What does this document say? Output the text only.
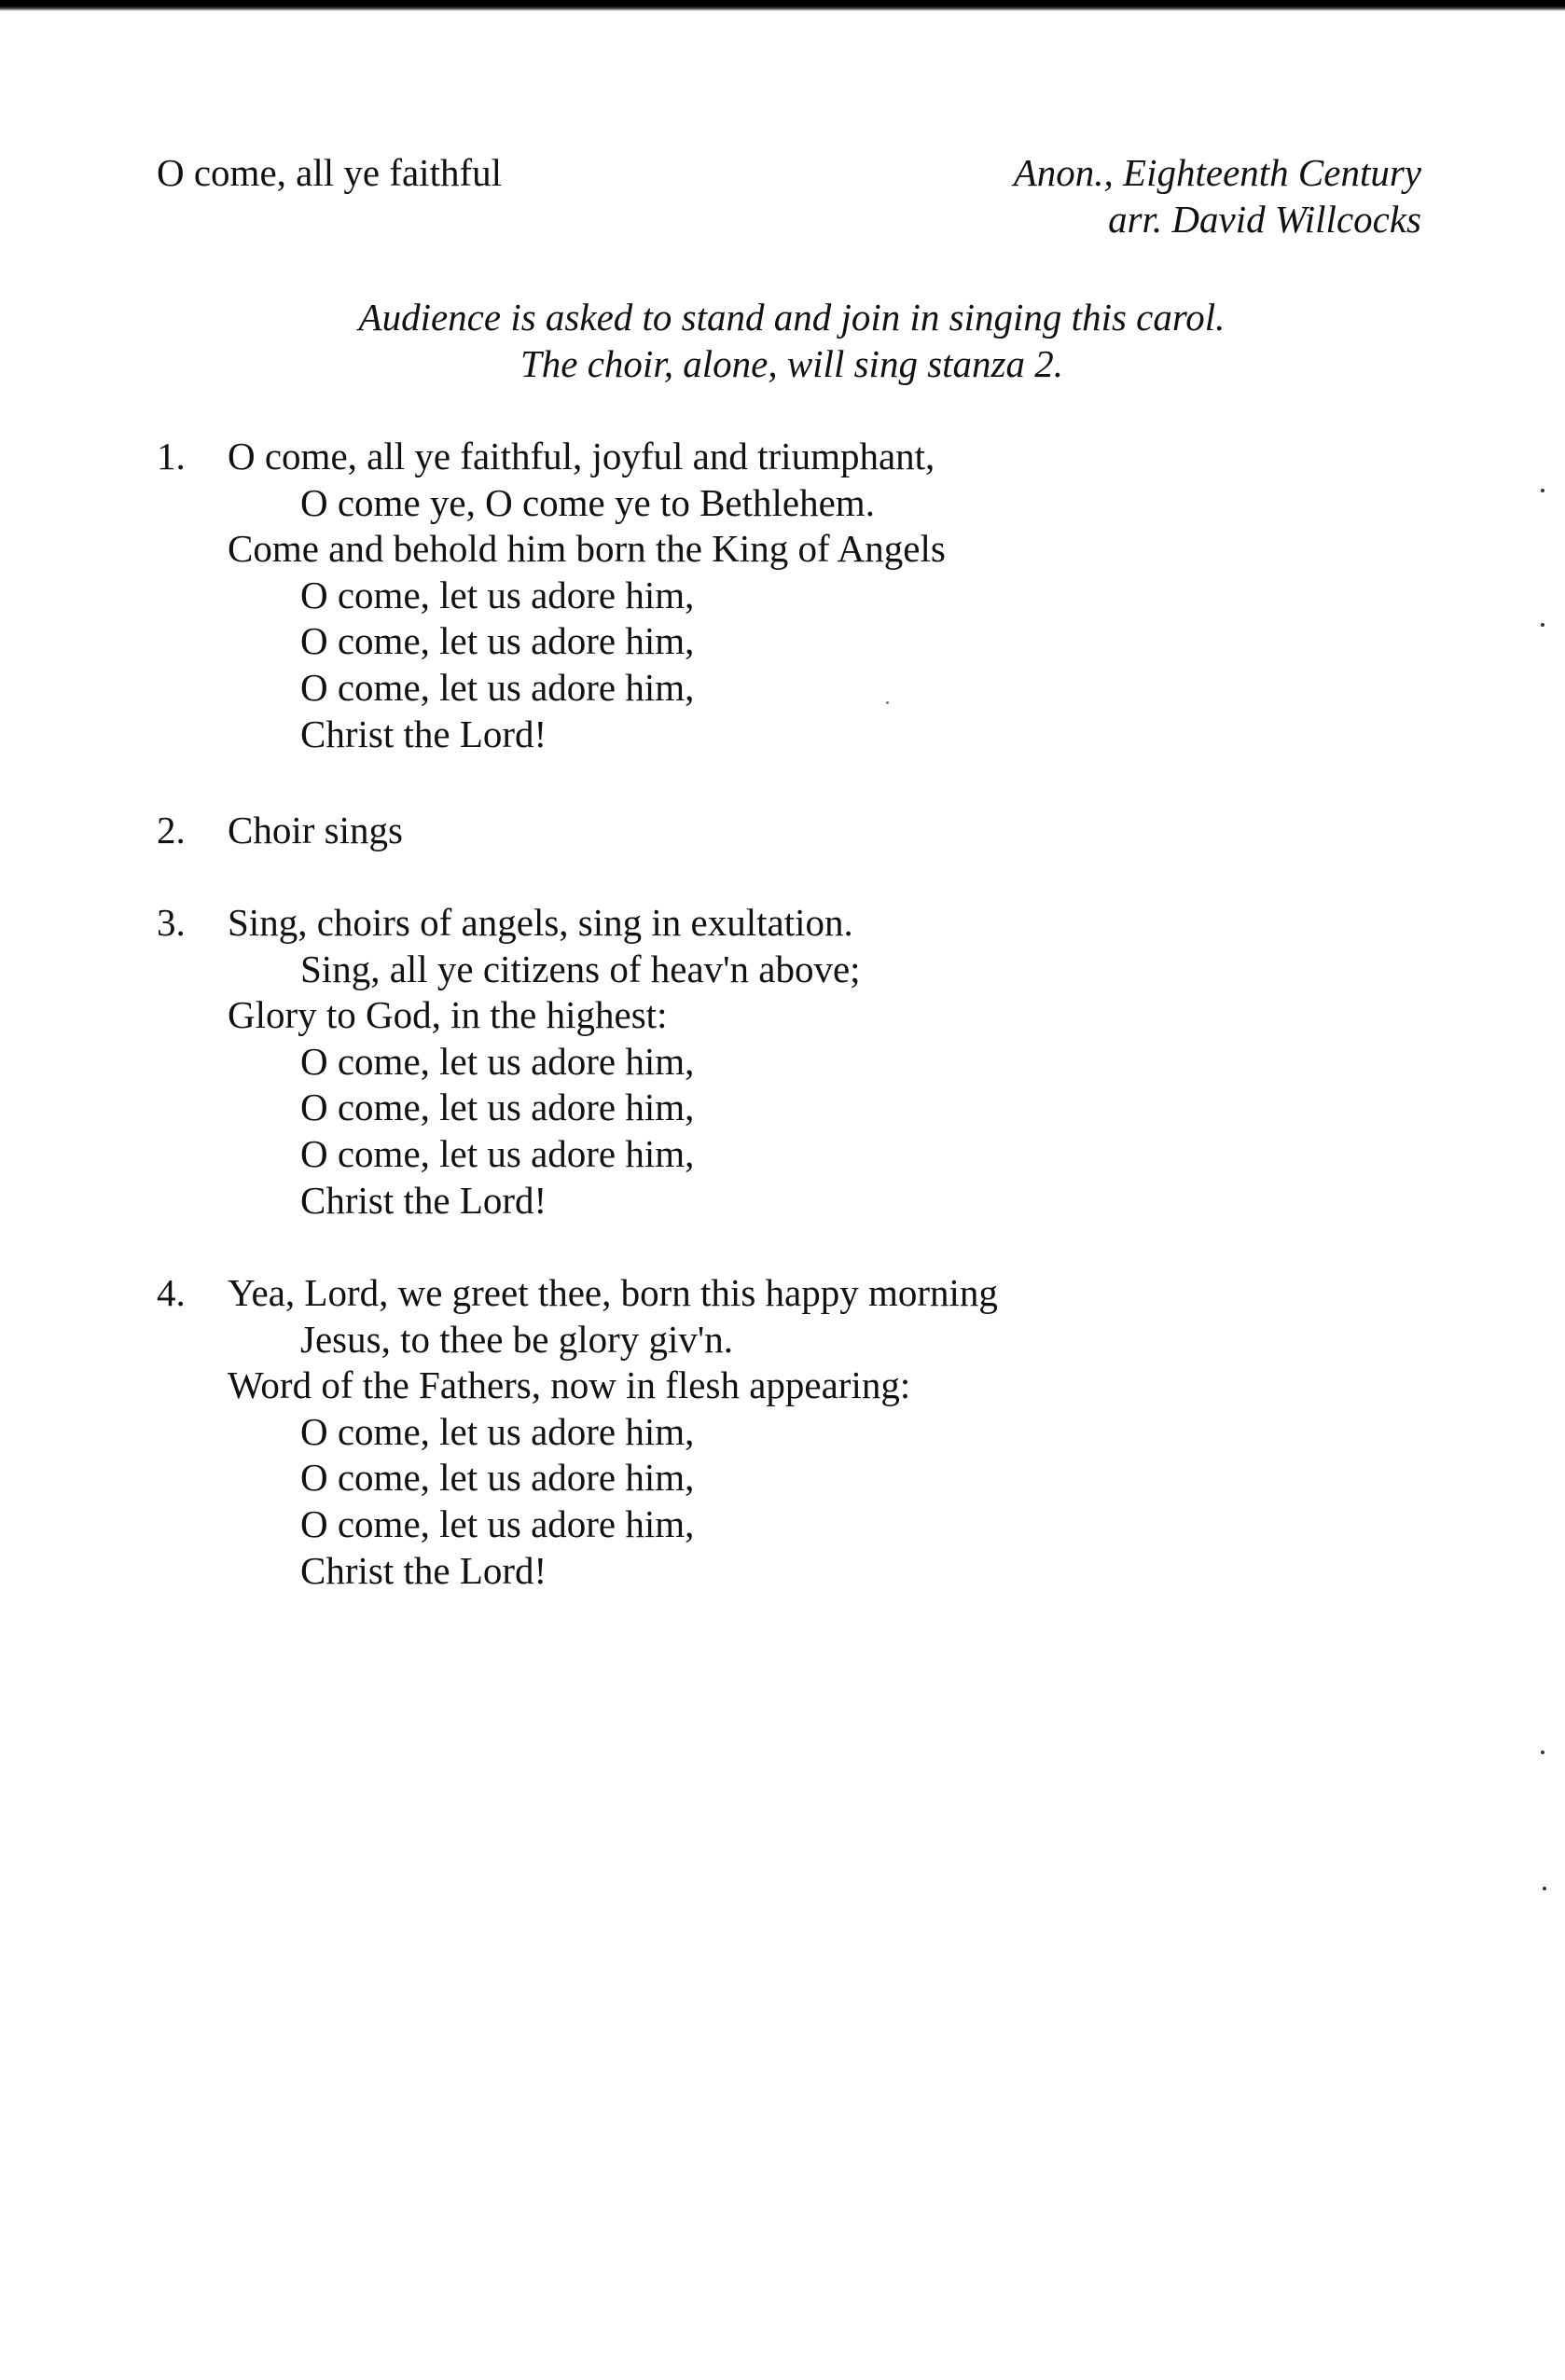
O come, all ye faithful	Anon., Eighteenth Century
arr. David Willcocks
Audience is asked to stand and join in singing this carol.
The choir, alone, will sing stanza 2.
1.	O come, all ye faithful, joyful and triumphant,
O come ye, O come ye to Bethlehem.
Come and behold him born the King of Angels
O come, let us adore him,
O come, let us adore him,
O come, let us adore him,
Christ the Lord!
2.	Choir sings
3.	Sing, choirs of angels, sing in exultation.
Sing, all ye citizens of heav'n above;
Glory to God, in the highest:
O come, let us adore him,
O come, let us adore him,
O come, let us adore him,
Christ the Lord!
4.	Yea, Lord, we greet thee, born this happy morning
Jesus, to thee be glory giv'n.
Word of the Fathers, now in flesh appearing:
O come, let us adore him,
O come, let us adore him,
O come, let us adore him,
Christ the Lord!
